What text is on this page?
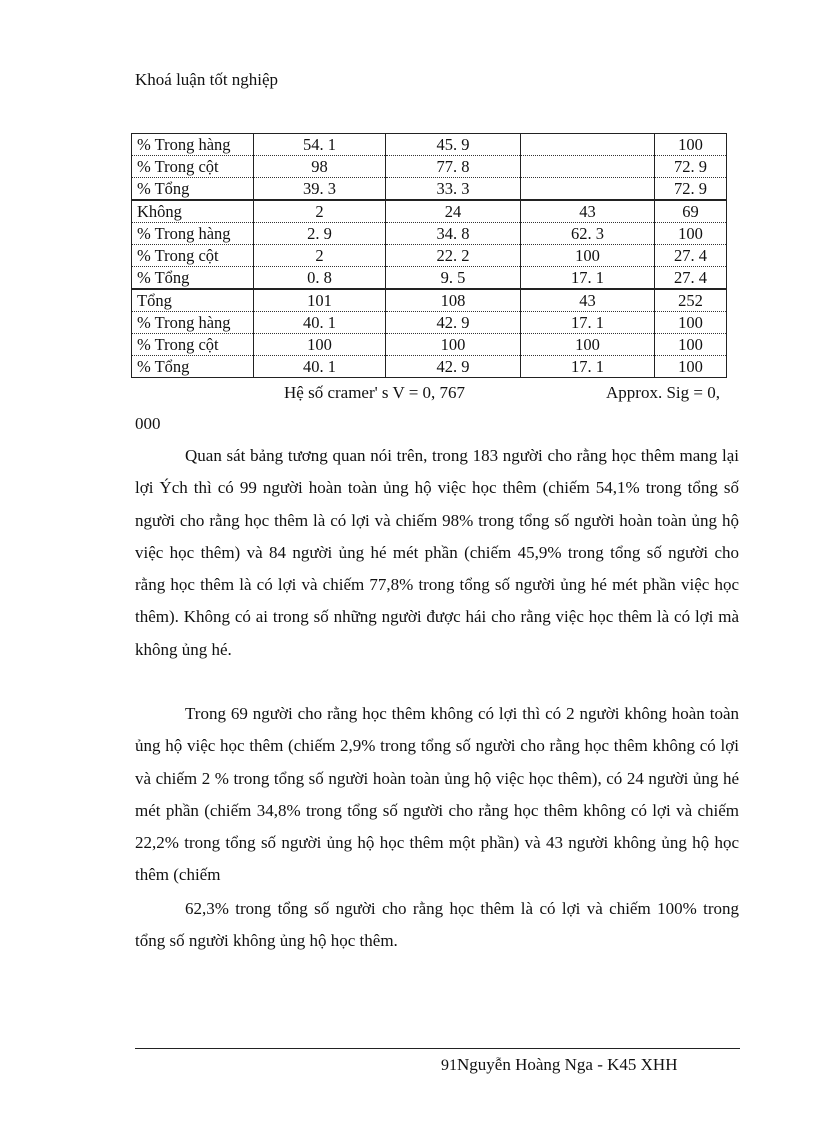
Khoá luận tốt nghiệp
% Trong hàng	54. 1	45. 9		100
% Trong cột	98	77. 8		72. 9
% Tổng	39. 3	33. 3		72. 9
Không	2	24	43	69
% Trong hàng	2. 9	34. 8	62. 3	100
% Trong cột	2	22. 2	100	27. 4
% Tổng	0. 8	9. 5	17. 1	27. 4
Tổng	101	108	43	252
% Trong hàng	40. 1	42. 9	17. 1	100
% Trong cột	100	100	100	100
% Tổng	40. 1	42. 9	17. 1	100
Hệ số cramer' s V = 0, 767	Approx. Sig = 0,
000

Quan sát bảng tương quan nói trên, trong 183 người cho rằng học thêm mang lại lợi Ých thì có 99 người hoàn toàn ủng hộ việc học thêm (chiếm 54,1% trong tổng số người cho rằng học thêm là có lợi và chiếm 98% trong tổng số người hoàn toàn ủng hộ việc học thêm) và 84 người ủng hé mét phần (chiếm 45,9% trong tổng số người cho rằng học thêm là có lợi và chiếm 77,8% trong tổng số người ủng hé mét phần việc học thêm). Không có ai trong số những người được hái cho rằng việc học thêm là có lợi mà không ủng hé.

Trong 69 người cho rằng học thêm không có lợi thì có 2 người không hoàn toàn ủng hộ việc học thêm (chiếm 2,9% trong tổng số người cho rằng học thêm không có lợi và chiếm 2 % trong tổng số người hoàn toàn ủng hộ việc học thêm), có 24 người ủng hé mét phần (chiếm 34,8% trong tổng số người cho rằng học thêm không có lợi và chiếm 22,2% trong tổng số người ủng hộ học thêm một phần) và 43 người không ủng hộ học thêm (chiếm

62,3% trong tổng số người cho rằng học thêm là có lợi và chiếm 100% trong tổng số người không ủng hộ học thêm.

91Nguyễn Hoàng Nga - K45 XHH
